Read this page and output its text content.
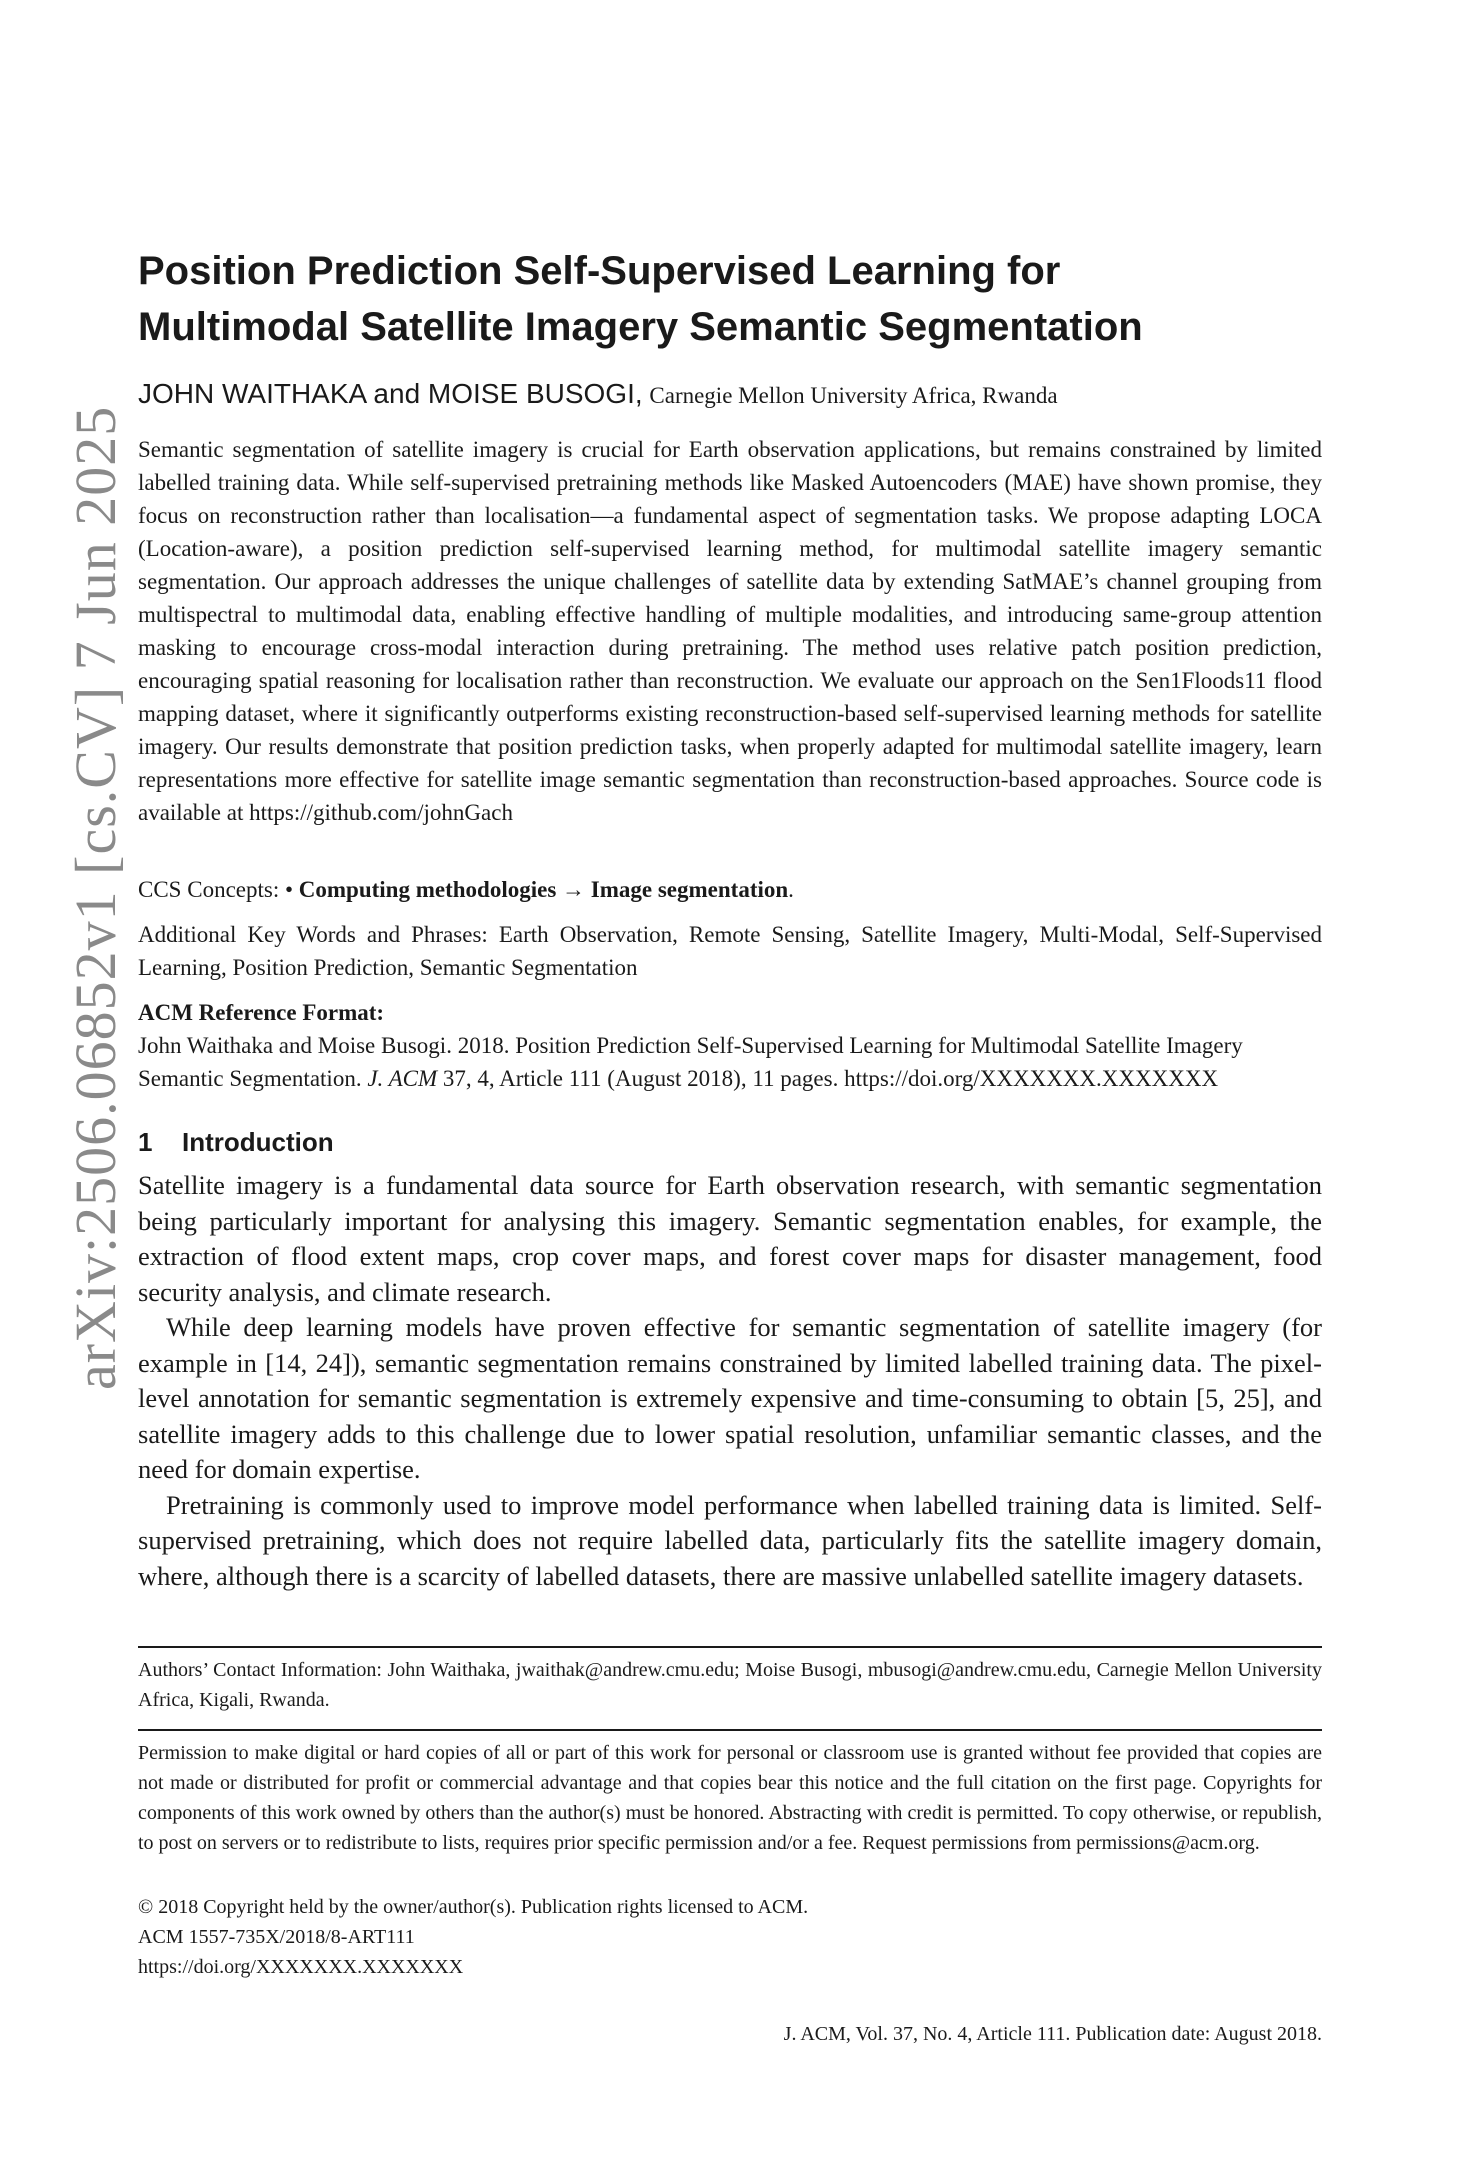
arXiv:2506.06852v1 [cs.CV] 7 Jun 2025
Position Prediction Self-Supervised Learning for
Multimodal Satellite Imagery Semantic Segmentation
JOHN WAITHAKA and MOISE BUSOGI, Carnegie Mellon University Africa, Rwanda

Semantic segmentation of satellite imagery is crucial for Earth observation applications, but remains constrained by limited labelled training data. While self-supervised pretraining methods like Masked Autoencoders (MAE) have shown promise, they focus on reconstruction rather than localisation—a fundamental aspect of segmentation tasks. We propose adapting LOCA (Location-aware), a position prediction self-supervised learning method, for multimodal satellite imagery semantic segmentation. Our approach addresses the unique challenges of satellite data by extending SatMAE’s channel grouping from multispectral to multimodal data, enabling effective handling of multiple modalities, and introducing same-group attention masking to encourage cross-modal interaction during pretraining. The method uses relative patch position prediction, encouraging spatial reasoning for localisation rather than reconstruction. We evaluate our approach on the Sen1Floods11 flood mapping dataset, where it significantly outperforms existing reconstruction-based self-supervised learning methods for satellite imagery. Our results demonstrate that position prediction tasks, when properly adapted for multimodal satellite imagery, learn representations more effective for satellite image semantic segmentation than reconstruction-based approaches. Source code is available at https://github.com/johnGach

CCS Concepts: • Computing methodologies → Image segmentation.

Additional Key Words and Phrases: Earth Observation, Remote Sensing, Satellite Imagery, Multi-Modal, Self-Supervised Learning, Position Prediction, Semantic Segmentation

ACM Reference Format:
John Waithaka and Moise Busogi. 2018. Position Prediction Self-Supervised Learning for Multimodal Satellite Imagery Semantic Segmentation. J. ACM 37, 4, Article 111 (August 2018), 11 pages. https://doi.org/XXXXXXX.XXXXXXX

1 Introduction

Satellite imagery is a fundamental data source for Earth observation research, with semantic segmentation being particularly important for analysing this imagery. Semantic segmentation enables, for example, the extraction of flood extent maps, crop cover maps, and forest cover maps for disaster management, food security analysis, and climate research.

While deep learning models have proven effective for semantic segmentation of satellite imagery (for example in [14, 24]), semantic segmentation remains constrained by limited labelled training data. The pixel-level annotation for semantic segmentation is extremely expensive and time-consuming to obtain [5, 25], and satellite imagery adds to this challenge due to lower spatial resolution, unfamiliar semantic classes, and the need for domain expertise.

Pretraining is commonly used to improve model performance when labelled training data is limited. Self-supervised pretraining, which does not require labelled data, particularly fits the satellite imagery domain, where, although there is a scarcity of labelled datasets, there are massive unlabelled satellite imagery datasets.

Authors’ Contact Information: John Waithaka, jwaithak@andrew.cmu.edu; Moise Busogi, mbusogi@andrew.cmu.edu, Carnegie Mellon University Africa, Kigali, Rwanda.

Permission to make digital or hard copies of all or part of this work for personal or classroom use is granted without fee provided that copies are not made or distributed for profit or commercial advantage and that copies bear this notice and the full citation on the first page. Copyrights for components of this work owned by others than the author(s) must be honored. Abstracting with credit is permitted. To copy otherwise, or republish, to post on servers or to redistribute to lists, requires prior specific permission and/or a fee. Request permissions from permissions@acm.org.

© 2018 Copyright held by the owner/author(s). Publication rights licensed to ACM.
ACM 1557-735X/2018/8-ART111
https://doi.org/XXXXXXX.XXXXXXX
J. ACM, Vol. 37, No. 4, Article 111. Publication date: August 2018.
